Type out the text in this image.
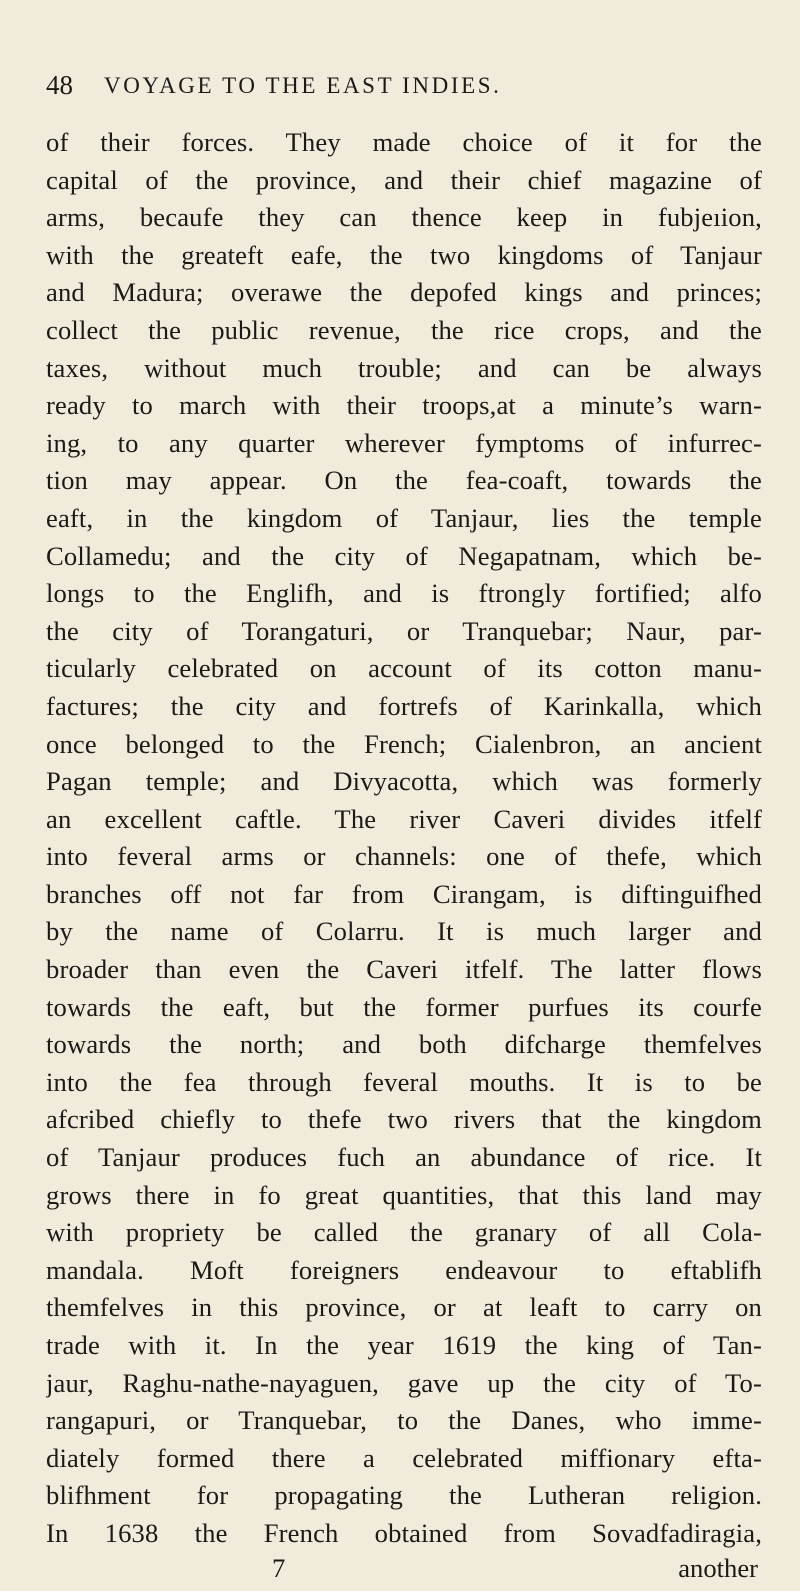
48 VOYAGE TO THE EAST INDIES.
of their forces. They made choice of it for the
capital of the province, and their chief magazine of
arms, becaufe they can thence keep in fubjeıion,
with the greateft eafe, the two kingdoms of Tanjaur
and Madura; overawe the depofed kings and princes;
collect the public revenue, the rice crops, and the
taxes, without much trouble; and can be always
ready to march with their troops,at a minute’s warn-
ing, to any quarter wherever fymptoms of infurrec-
tion may appear. On the fea-coaft, towards the
eaft, in the kingdom of Tanjaur, lies the temple
Collamedu; and the city of Negapatnam, which be-
longs to the Englifh, and is ftrongly fortified; alfo
the city of Torangaturi, or Tranquebar; Naur, par-
ticularly celebrated on account of its cotton manu-
factures; the city and fortrefs of Karinkalla, which
once belonged to the French; Cialenbron, an ancient
Pagan temple; and Divyacotta, which was formerly
an excellent caftle. The river Caveri divides itfelf
into feveral arms or channels: one of thefe, which
branches off not far from Cirangam, is diftinguifhed
by the name of Colarru. It is much larger and
broader than even the Caveri itfelf. The latter flows
towards the eaft, but the former purfues its courfe
towards the north; and both difcharge themfelves
into the fea through feveral mouths. It is to be
afcribed chiefly to thefe two rivers that the kingdom
of Tanjaur produces fuch an abundance of rice. It
grows there in fo great quantities, that this land may
with propriety be called the granary of all Cola-
mandala. Moft foreigners endeavour to eftablifh
themfelves in this province, or at leaft to carry on
trade with it. In the year 1619 the king of Tan-
jaur, Raghu-nathe-nayaguen, gave up the city of To-
rangapuri, or Tranquebar, to the Danes, who imme-
diately formed there a celebrated miffionary efta-
blifhment for propagating the Lutheran religion.
In 1638 the French obtained from Sovadfadiragia,
7	another
